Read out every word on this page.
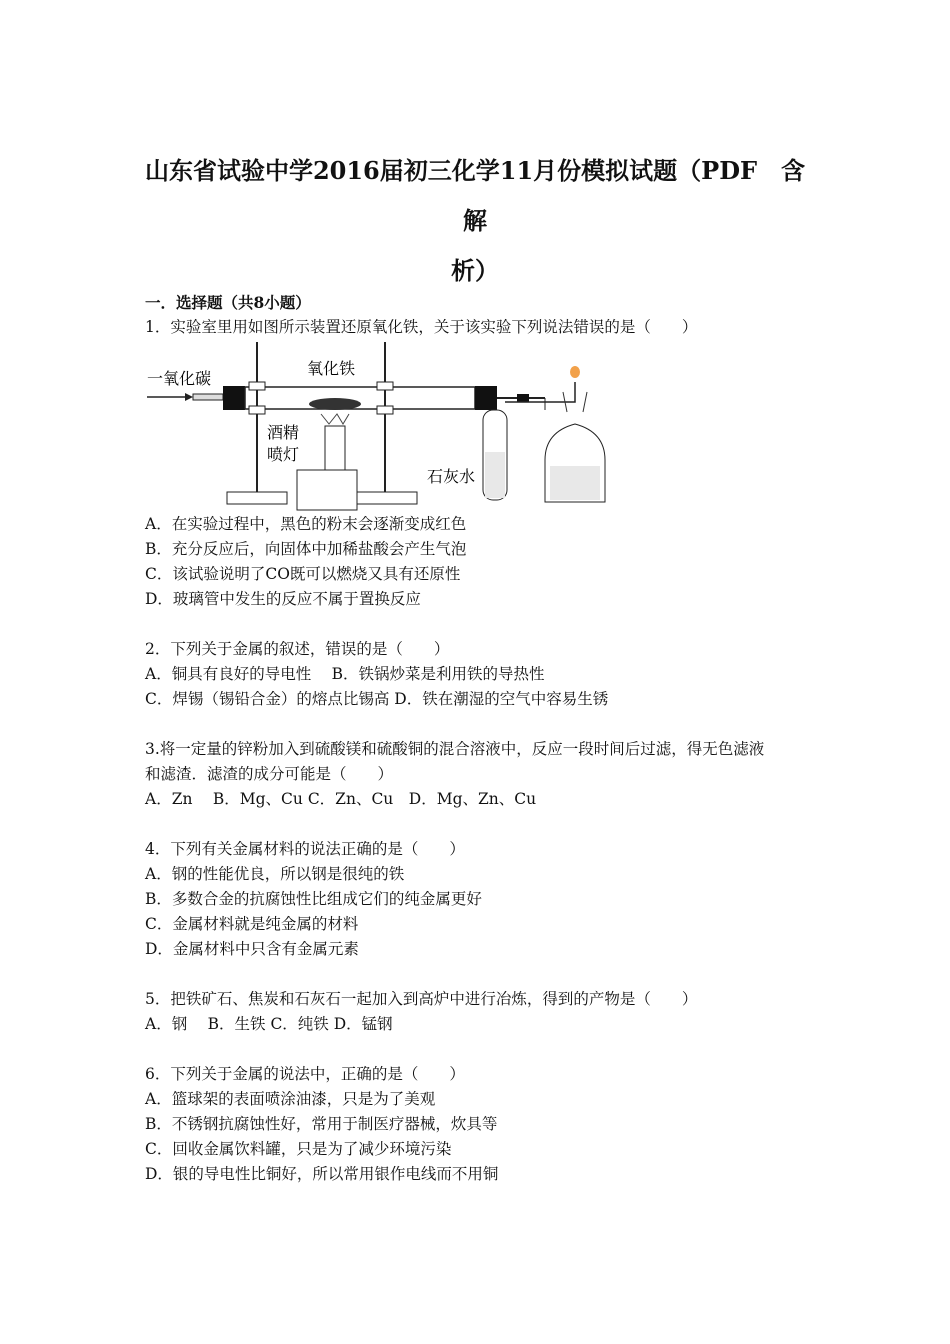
山东省试验中学2016届初三化学11月份模拟试题（PDF　含解
析）
一．选择题（共8小题）
1．实验室里用如图所示装置还原氧化铁，关于该实验下列说法错误的是（　　）
一氧化碳
氧化铁
酒精
喷灯
石灰水
A．在实验过程中，黑色的粉末会逐渐变成红色
B．充分反应后，向固体中加稀盐酸会产生气泡
C．该试验说明了CO既可以燃烧又具有还原性
D．玻璃管中发生的反应不属于置换反应
2．下列关于金属的叙述，错误的是（　　）
A．铜具有良好的导电性　 B．铁锅炒菜是利用铁的导热性
C．焊锡（锡铅合金）的熔点比锡高 D．铁在潮湿的空气中容易生锈
3.将一定量的锌粉加入到硫酸镁和硫酸铜的混合溶液中，反应一段时间后过滤，得无色滤液
和滤渣．滤渣的成分可能是（　　）
A．Zn　 B．Mg、Cu C．Zn、Cu　D．Mg、Zn、Cu
4．下列有关金属材料的说法正确的是（　　）
A．钢的性能优良，所以钢是很纯的铁
B．多数合金的抗腐蚀性比组成它们的纯金属更好
C．金属材料就是纯金属的材料
D．金属材料中只含有金属元素
5．把铁矿石、焦炭和石灰石一起加入到高炉中进行冶炼，得到的产物是（　　）
A．钢　 B．生铁 C．纯铁 D．锰钢
6．下列关于金属的说法中，正确的是（　　）
A．篮球架的表面喷涂油漆，只是为了美观
B．不锈钢抗腐蚀性好，常用于制医疗器械，炊具等
C．回收金属饮料罐，只是为了减少环境污染
D．银的导电性比铜好，所以常用银作电线而不用铜
